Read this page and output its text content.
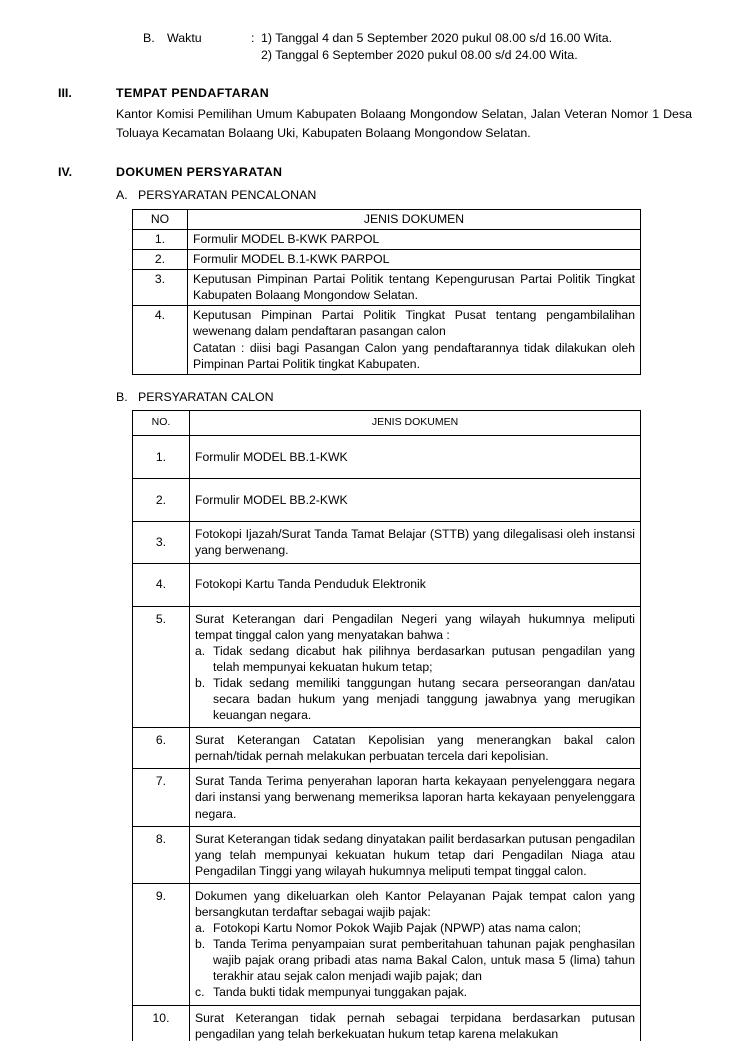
B. Waktu	: 1) Tanggal 4 dan 5 September 2020 pukul 08.00 s/d 16.00 Wita.
2) Tanggal 6 September 2020 pukul 08.00 s/d 24.00 Wita.
III.	TEMPAT PENDAFTARAN
Kantor Komisi Pemilihan Umum Kabupaten Bolaang Mongondow Selatan, Jalan Veteran Nomor 1 Desa Toluaya Kecamatan Bolaang Uki, Kabupaten Bolaang Mongondow Selatan.
IV.	DOKUMEN PERSYARATAN
A. PERSYARATAN PENCALONAN
NO	JENIS DOKUMEN
1.	Formulir MODEL B-KWK PARPOL
2.	Formulir MODEL B.1-KWK PARPOL
3.	Keputusan Pimpinan Partai Politik tentang Kepengurusan Partai Politik Tingkat Kabupaten Bolaang Mongondow Selatan.
4.	Keputusan Pimpinan Partai Politik Tingkat Pusat tentang pengambilalihan wewenang dalam pendaftaran pasangan calon
Catatan : diisi bagi Pasangan Calon yang pendaftarannya tidak dilakukan oleh Pimpinan Partai Politik tingkat Kabupaten.
B. PERSYARATAN CALON
NO.	JENIS DOKUMEN
1.	Formulir MODEL BB.1-KWK
2.	Formulir MODEL BB.2-KWK
3.	Fotokopi Ijazah/Surat Tanda Tamat Belajar (STTB) yang dilegalisasi oleh instansi yang berwenang.
4.	Fotokopi Kartu Tanda Penduduk Elektronik
5.	Surat Keterangan dari Pengadilan Negeri yang wilayah hukumnya meliputi tempat tinggal calon yang menyatakan bahwa :
a. Tidak sedang dicabut hak pilihnya berdasarkan putusan pengadilan yang telah mempunyai kekuatan hukum tetap;
b. Tidak sedang memiliki tanggungan hutang secara perseorangan dan/atau secara badan hukum yang menjadi tanggung jawabnya yang merugikan keuangan negara.

6.	Surat Keterangan Catatan Kepolisian yang menerangkan bakal calon pernah/tidak pernah melakukan perbuatan tercela dari kepolisian.
7.	Surat Tanda Terima penyerahan laporan harta kekayaan penyelenggara negara dari instansi yang berwenang memeriksa laporan harta kekayaan penyelenggara negara.
8.	Surat Keterangan tidak sedang dinyatakan pailit berdasarkan putusan pengadilan yang telah mempunyai kekuatan hukum tetap dari Pengadilan Niaga atau Pengadilan Tinggi yang wilayah hukumnya meliputi tempat tinggal calon.
9.	Dokumen yang dikeluarkan oleh Kantor Pelayanan Pajak tempat calon yang bersangkutan terdaftar sebagai wajib pajak:
a. Fotokopi Kartu Nomor Pokok Wajib Pajak (NPWP) atas nama calon;
b. Tanda Terima penyampaian surat pemberitahuan tahunan pajak penghasilan wajib pajak orang pribadi atas nama Bakal Calon, untuk masa 5 (lima) tahun terakhir atau sejak calon menjadi wajib pajak; dan
c. Tanda bukti tidak mempunyai tunggakan pajak.

10.	Surat Keterangan tidak pernah sebagai terpidana berdasarkan putusan pengadilan yang telah berkekuatan hukum tetap karena melakukan
